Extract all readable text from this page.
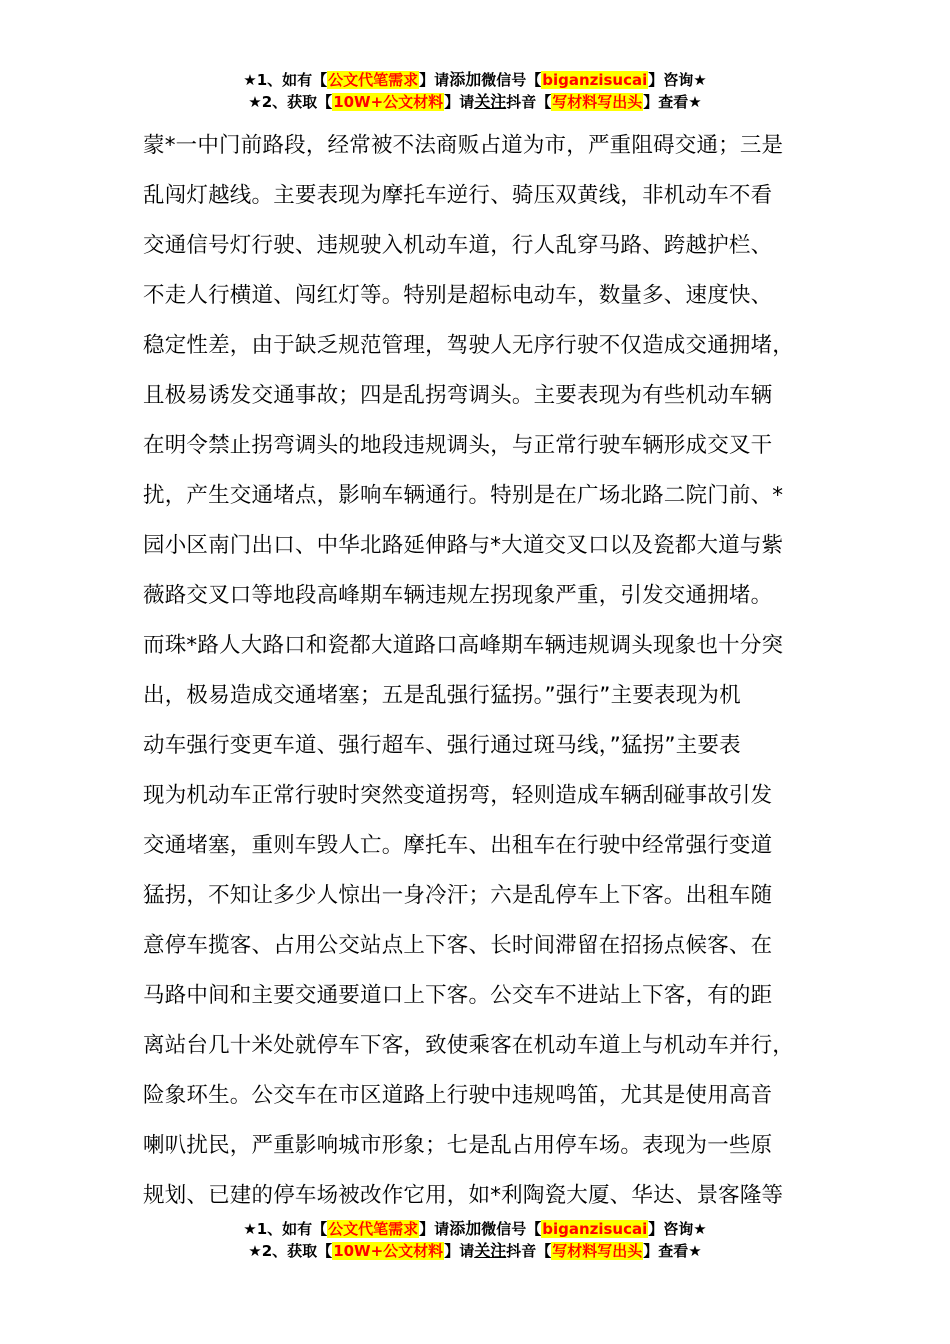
★1、如有【公文代笔需求】请添加微信号【biganzisucai】咨询★
★2、获取【10W+公文材料】请关注抖音【写材料写出头】查看★
蒙*一中门前路段，经常被不法商贩占道为市，严重阻碍交通；三是
乱闯灯越线。主要表现为摩托车逆行、骑压双黄线，非机动车不看
交通信号灯行驶、违规驶入机动车道，行人乱穿马路、跨越护栏、
不走人行横道、闯红灯等。特别是超标电动车，数量多、速度快、
稳定性差，由于缺乏规范管理，驾驶人无序行驶不仅造成交通拥堵，
且极易诱发交通事故；四是乱拐弯调头。主要表现为有些机动车辆
在明令禁止拐弯调头的地段违规调头，与正常行驶车辆形成交叉干
扰，产生交通堵点，影响车辆通行。特别是在广场北路二院门前、*
园小区南门出口、中华北路延伸路与*大道交叉口以及瓷都大道与紫
薇路交叉口等地段高峰期车辆违规左拐现象严重，引发交通拥堵。
而珠*路人大路口和瓷都大道路口高峰期车辆违规调头现象也十分突
出，极易造成交通堵塞；五是乱强行猛拐。”强行”主要表现为机
动车强行变更车道、强行超车、强行通过斑马线，”猛拐”主要表
现为机动车正常行驶时突然变道拐弯，轻则造成车辆刮碰事故引发
交通堵塞，重则车毁人亡。摩托车、出租车在行驶中经常强行变道
猛拐，不知让多少人惊出一身冷汗；六是乱停车上下客。出租车随
意停车揽客、占用公交站点上下客、长时间滞留在招扬点候客、在
马路中间和主要交通要道口上下客。公交车不进站上下客，有的距
离站台几十米处就停车下客，致使乘客在机动车道上与机动车并行，
险象环生。公交车在市区道路上行驶中违规鸣笛，尤其是使用高音
喇叭扰民，严重影响城市形象；七是乱占用停车场。表现为一些原
规划、已建的停车场被改作它用，如*利陶瓷大厦、华达、景客隆等
★1、如有【公文代笔需求】请添加微信号【biganzisucai】咨询★
★2、获取【10W+公文材料】请关注抖音【写材料写出头】查看★
